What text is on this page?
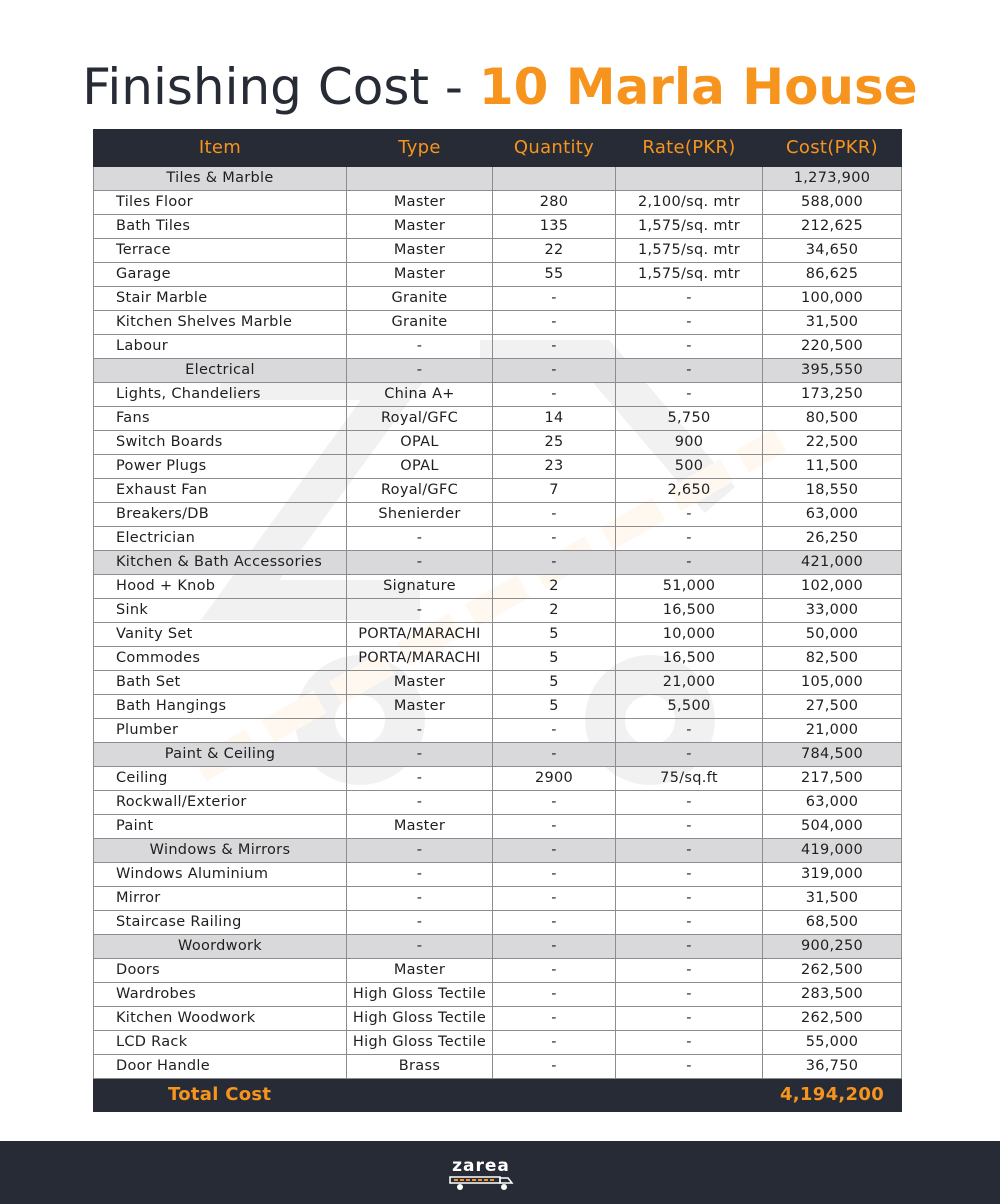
Finishing Cost - 10 Marla House
Item	Type	Quantity	Rate(PKR)	Cost(PKR)
Tiles & Marble				1,273,900
Tiles Floor	Master	280	2,100/sq. mtr	588,000
Bath Tiles	Master	135	1,575/sq. mtr	212,625
Terrace	Master	22	1,575/sq. mtr	34,650
Garage	Master	55	1,575/sq. mtr	86,625
Stair Marble	Granite	-	-	100,000
Kitchen Shelves Marble	Granite	-	-	31,500
Labour	-	-	-	220,500
Electrical	-	-	-	395,550
Lights, Chandeliers	China A+	-	-	173,250
Fans	Royal/GFC	14	5,750	80,500
Switch Boards	OPAL	25	900	22,500
Power Plugs	OPAL	23	500	11,500
Exhaust Fan	Royal/GFC	7	2,650	18,550
Breakers/DB	Shenierder	-	-	63,000
Electrician	-	-	-	26,250
Kitchen & Bath Accessories	-	-	-	421,000
Hood + Knob	Signature	2	51,000	102,000
Sink	-	2	16,500	33,000
Vanity Set	PORTA/MARACHI	5	10,000	50,000
Commodes	PORTA/MARACHI	5	16,500	82,500
Bath Set	Master	5	21,000	105,000
Bath Hangings	Master	5	5,500	27,500
Plumber	-	-	-	21,000
Paint & Ceiling	-	-	-	784,500
Ceiling	-	2900	75/sq.ft	217,500
Rockwall/Exterior	-	-	-	63,000
Paint	Master	-	-	504,000
Windows & Mirrors	-	-	-	419,000
Windows Aluminium	-	-	-	319,000
Mirror	-	-	-	31,500
Staircase Railing	-	-	-	68,500
Woordwork	-	-	-	900,250
Doors	Master	-	-	262,500
Wardrobes	High Gloss Tectile	-	-	283,500
Kitchen Woodwork	High Gloss Tectile	-	-	262,500
LCD Rack	High Gloss Tectile	-	-	55,000
Door Handle	Brass	-	-	36,750
Total Cost				4,194,200
zarea
